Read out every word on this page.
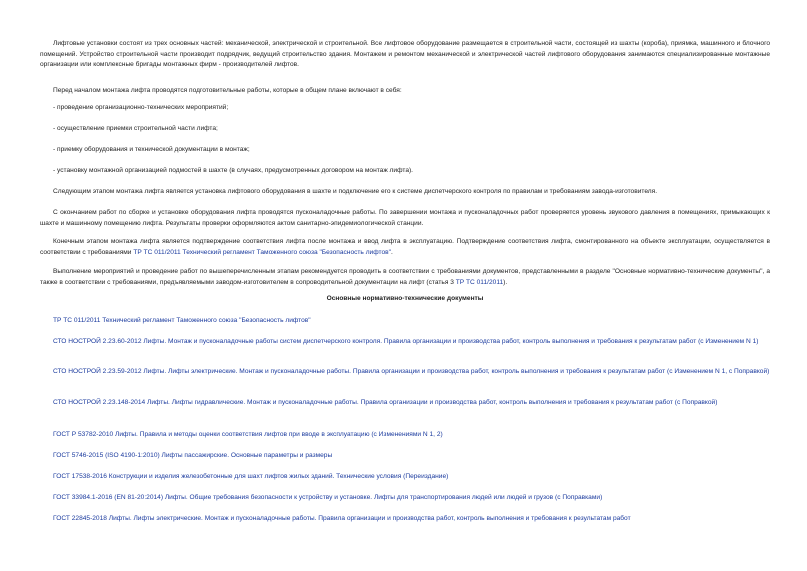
Лифтовые установки состоят из трех основных частей: механической, электрической и строительной. Все лифтовое оборудование размещается в строительной части, состоящей из шахты (короба), приямка, машинного и блочного помещений. Устройство строительной части производит подрядчик, ведущий строительство здания. Монтажем и ремонтом механической и электрической частей лифтового оборудования занимаются специализированные монтажные организации или комплексные бригады монтажных фирм - производителей лифтов.

Перед началом монтажа лифта проводятся подготовительные работы, которые в общем плане включают в себя:

- проведение организационно-технических мероприятий;

- осуществление приемки строительной части лифта;

- приемку оборудования и технической документации в монтаж;

- установку монтажной организацией подмостей в шахте (в случаях, предусмотренных договором на монтаж лифта).

Следующим этапом монтажа лифта является установка лифтового оборудования в шахте и подключение его к системе диспетчерского контроля по правилам и требованиям завода-изготовителя.

С окончанием работ по сборке и установке оборудования лифта проводятся пусконаладочные работы. По завершении монтажа и пусконаладочных работ проверяется уровень звукового давления в помещениях, примыкающих к шахте и машинному помещению лифта. Результаты проверки оформляются актом санитарно-эпидемиологической станции.

Конечным этапом монтажа лифта является подтверждение соответствия лифта после монтажа и ввод лифта в эксплуатацию. Подтверждение соответствия лифта, смонтированного на объекте эксплуатации, осуществляется в соответствии с требованиями ТР ТС 011/2011 Технический регламент Таможенного союза "Безопасность лифтов".

Выполнение мероприятий и проведение работ по вышеперечисленным этапам рекомендуется проводить в соответствии с требованиями документов, представленными в разделе "Основные нормативно-технические документы", а также в соответствии с требованиями, предъявляемыми заводом-изготовителем в сопроводительной документации на лифт (статья 3 ТР ТС 011/2011).

Основные нормативно-технические документы

ТР ТС 011/2011 Технический регламент Таможенного союза "Безопасность лифтов"
СТО НОСТРОЙ 2.23.60-2012 Лифты. Монтаж и пусконаладочные работы систем диспетчерского контроля. Правила организации и производства работ, контроль выполнения и требования к результатам работ (с Изменением N 1)
СТО НОСТРОЙ 2.23.59-2012 Лифты. Лифты электрические. Монтаж и пусконаладочные работы. Правила организации и производства работ, контроль выполнения и требования к результатам работ (с Изменением N 1, с Поправкой)
СТО НОСТРОЙ 2.23.148-2014 Лифты. Лифты гидравлические. Монтаж и пусконаладочные работы. Правила организации и производства работ, контроль выполнения и требования к результатам работ (с Поправкой)
ГОСТ Р 53782-2010 Лифты. Правила и методы оценки соответствия лифтов при вводе в эксплуатацию (с Изменениями N 1, 2)
ГОСТ 5746-2015 (ISO 4190-1:2010) Лифты пассажирские. Основные параметры и размеры
ГОСТ 17538-2016 Конструкции и изделия железобетонные для шахт лифтов жилых зданий. Технические условия (Переиздание)
ГОСТ 33984.1-2016 (EN 81-20:2014) Лифты. Общие требования безопасности к устройству и установке. Лифты для транспортирования людей или людей и грузов (с Поправками)
ГОСТ 22845-2018 Лифты. Лифты электрические. Монтаж и пусконаладочные работы. Правила организации и производства работ, контроль выполнения и требования к результатам работ
